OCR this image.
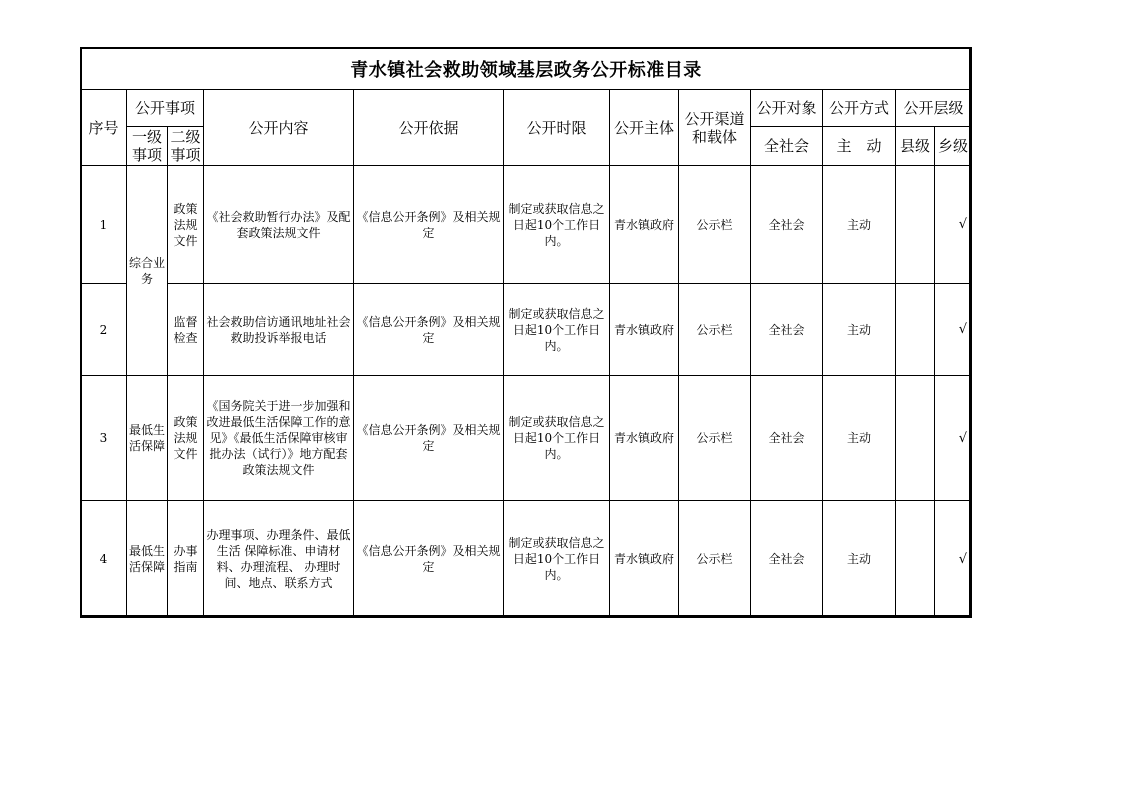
青水镇社会救助领域基层政务公开标准目录											
序号	公开事项		公开内容	公开依据	公开时限	公开主体	公开渠道和载体	公开对象	公开方式	公开层级	
	一级事项	二级事项						全社会	主　动	县级	乡级
1	综合业务	政策法规文件	《社会救助暂行办法》及配套政策法规文件	《信息公开条例》及相关规定	制定或获取信息之日起10个工作日内。	青水镇政府	公示栏	全社会	主动		√
2		监督检查	社会救助信访通讯地址社会救助投诉举报电话	《信息公开条例》及相关规定	制定或获取信息之日起10个工作日内。	青水镇政府	公示栏	全社会	主动		√
3	最低生活保障	政策法规文件	《国务院关于进一步加强和改进最低生活保障工作的意见》《最低生活保障审核审批办法（试行）》地方配套政策法规文件	《信息公开条例》及相关规定	制定或获取信息之日起10个工作日内。	青水镇政府	公示栏	全社会	主动		√
4	最低生活保障	办事指南	办理事项、办理条件、最低生活 保障标准、申请材料、办理流程、 办理时间、地点、联系方式	《信息公开条例》及相关规定	制定或获取信息之日起10个工作日内。	青水镇政府	公示栏	全社会	主动		√
